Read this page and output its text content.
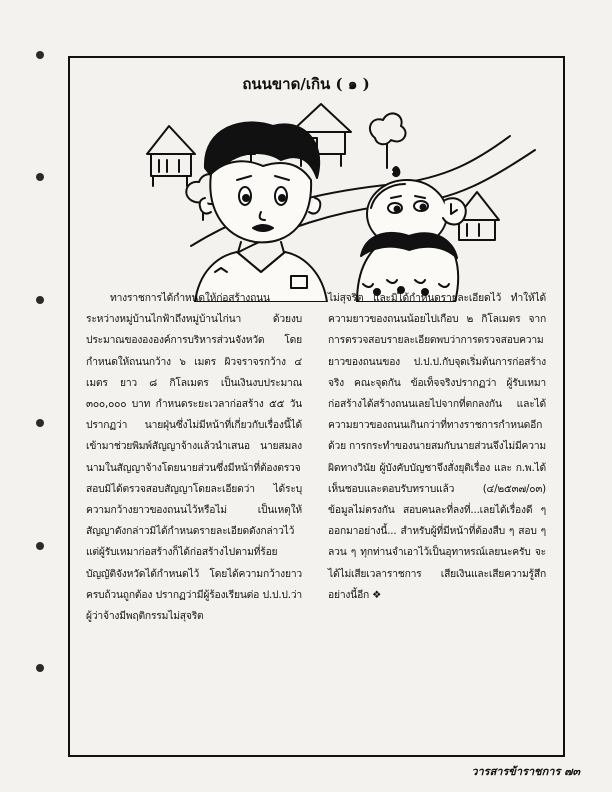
ถนนขาด/เกิน ( ๑ )

ทางราชการได้กำหนดให้ก่อสร้างถนนระหว่างหมู่บ้านไกฟ้าถึงหมู่บ้านไก่นา ด้วยงบประมาณของององค์การบริหารส่วนจังหวัด โดยกำหนดให้ถนนกว้าง ๖ เมตร ผิวจราจรกว้าง ๔ เมตร ยาว ๘ กิโลเมตร เป็นเงินงบประมาณ ๓๐๐,๐๐๐ บาท กำหนดระยะเวลาก่อสร้าง ๕๕ วัน ปรากฏว่า นายฝุ่นซึ่งไม่มีหน้าที่เกี่ยวกับเรื่องนี้ได้เข้ามาช่วยพิมพ์สัญญาจ้างแล้วนำเสนอ นายสมลงนามในสัญญาจ้างโดยนายส่วนซึ่งมีหน้าที่ต้องตรวจสอบมิได้ตรวจสอบสัญญาโดยละเอียดว่า ได้ระบุความกว้างยาวของถนนไว้หรือไม่ เป็นเหตุให้สัญญาดังกล่าวมิได้กำหนดรายละเอียดดังกล่าวไว้ แต่ผู้รับเหมาก่อสร้างก็ได้ก่อสร้างไปตามที่ร้อยบัญญัติจังหวัดได้กำหนดไว้ โดยได้ความกว้างยาวครบถ้วนถูกต้อง ปรากฏว่ามีผู้ร้องเรียนต่อ ป.ป.ป.ว่า ผู้ว่าจ้างมีพฤติกรรมไม่สุจริต

ไม่สุจริต และมิได้กำหนดรายละเอียดไว้ ทำให้ได้ความยาวของถนนน้อยไปเกือบ ๒ กิโลเมตร จากการตรวจสอบรายละเอียดพบว่าการตรวจสอบความยาวของถนนของ ป.ป.ป.กับจุดเริ่มต้นการก่อสร้างจริง คณะจุดกัน ข้อเท็จจริงปรากฏว่า ผู้รับเหมาก่อสร้างได้สร้างถนนเลยไปจากที่ตกลงกัน และได้ความยาวของถนนเกินกว่าที่ทางราชการกำหนดอีกด้วย การกระทำของนายสมกับนายส่วนจึงไม่มีความผิดทางวินัย ผู้บังคับบัญชาจึงสั่งยุติเรื่อง และ ก.พ.ได้เห็นชอบและตอบรับทราบแล้ว (๔/๒๕๓๗/๐๓) ข้อมูลไม่ตรงกัน สอบคนละที่ลงที่...เลยได้เรื่องดี ๆ ออกมาอย่างนี้... สำหรับผู้ที่มีหน้าที่ต้องสืบ ๆ สอบ ๆ ลวน ๆ ทุกท่านจำเอาไว้เป็นอุทาหรณ์เลยนะครับ จะได้ไม่เสียเวลาราชการ เสียเงินและเสียความรู้สึกอย่างนี้อีก ❖

วารสารข้าราชการ ๗๓
